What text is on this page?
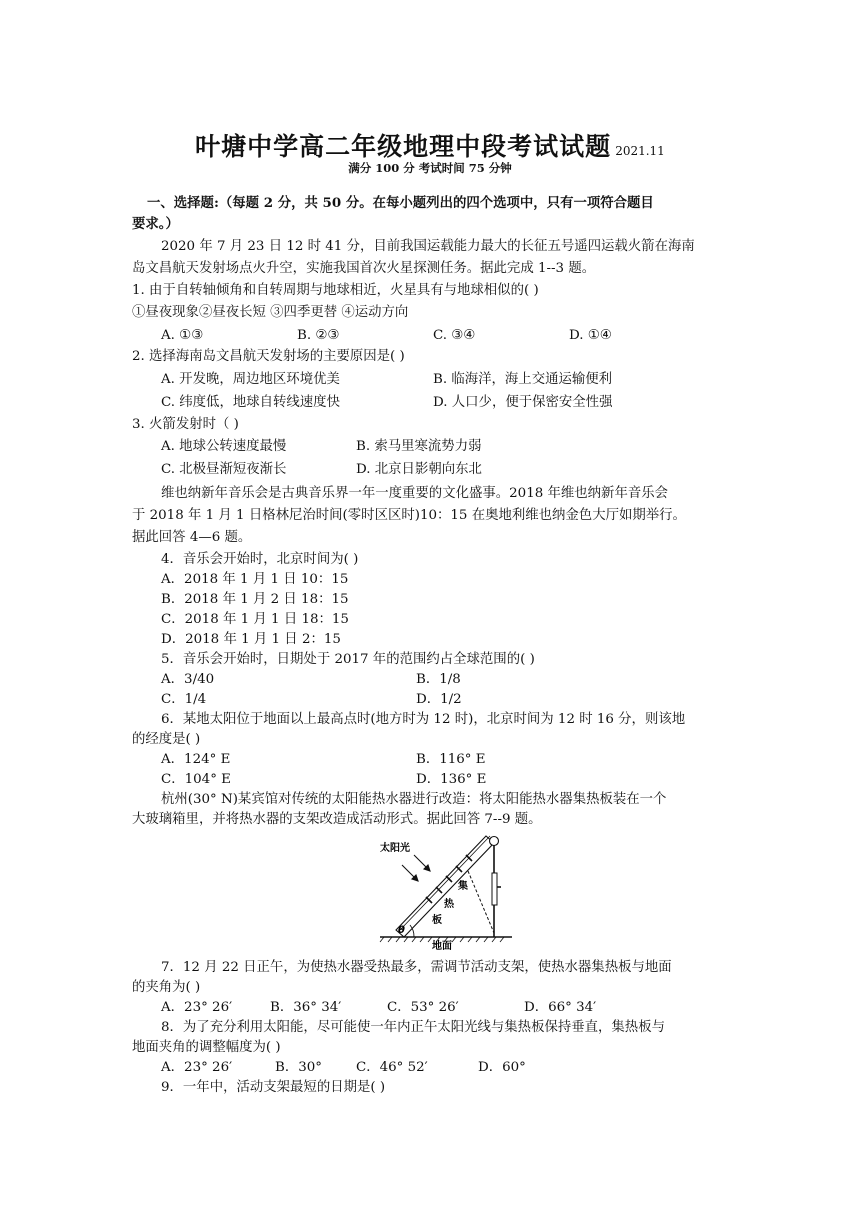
叶塘中学高二年级地理中段考试试题 2021.11
满分 100 分 考试时间 75 分钟
一、选择题:（每题 2 分，共 50 分。在每小题列出的四个选项中，只有一项符合题目
要求。）
2020 年 7 月 23 日 12 时 41 分，目前我国运载能力最大的长征五号遥四运载火箭在海南
岛文昌航天发射场点火升空，实施我国首次火星探测任务。据此完成 1--3 题。
1. 由于自转轴倾角和自转周期与地球相近，火星具有与地球相似的( )
①昼夜现象②昼夜长短 ③四季更替 ④运动方向
A. ①③	B. ②③	C. ③④	D. ①④
2. 选择海南岛文昌航天发射场的主要原因是( )
A. 开发晚，周边地区环境优美	B. 临海洋，海上交通运输便利
C. 纬度低，地球自转线速度快	D. 人口少，便于保密安全性强
3. 火箭发射时（ )
A. 地球公转速度最慢	B. 索马里寒流势力弱
C. 北极昼渐短夜渐长	D. 北京日影朝向东北
维也纳新年音乐会是古典音乐界一年一度重要的文化盛事。2018 年维也纳新年音乐会
于 2018 年 1 月 1 日格林尼治时间(零时区区时)10：15 在奥地利维也纳金色大厅如期举行。
据此回答 4—6 题。
4．音乐会开始时，北京时间为( )
A．2018 年 1 月 1 日 10：15
B．2018 年 1 月 2 日 18：15
C．2018 年 1 月 1 日 18：15
D．2018 年 1 月 1 日 2：15
5．音乐会开始时，日期处于 2017 年的范围约占全球范围的( )
A．3/40	B．1/8
C．1/4	D．1/2
6．某地太阳位于地面以上最高点时(地方时为 12 时)，北京时间为 12 时 16 分，则该地
的经度是( )
A．124° E	B．116° E
C．104° E	D．136° E
杭州(30° N)某宾馆对传统的太阳能热水器进行改造：将太阳能热水器集热板装在一个
大玻璃箱里，并将热水器的支架改造成活动形式。据此回答 7--9 题。
太阳光
集
热
板
θ
地面
7．12 月 22 日正午，为使热水器受热最多，需调节活动支架，使热水器集热板与地面
的夹角为( )
A．23° 26′	B．36° 34′	C．53° 26′	D．66° 34′
8．为了充分利用太阳能，尽可能使一年内正午太阳光线与集热板保持垂直，集热板与
地面夹角的调整幅度为( )
A．23° 26′	B．30°	C．46° 52′	D．60°
9．一年中，活动支架最短的日期是( )
